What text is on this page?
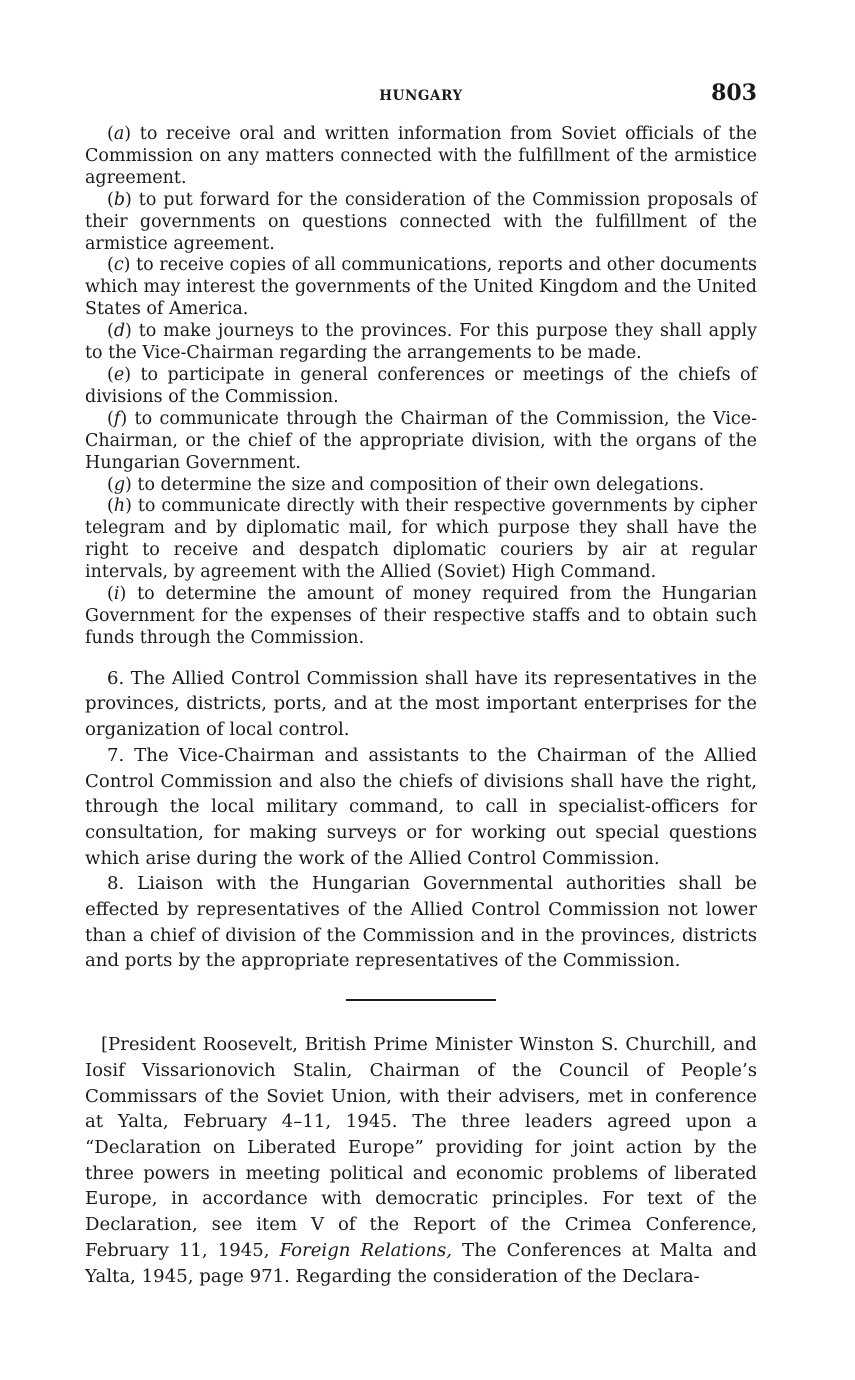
HUNGARY	803

(a) to receive oral and written information from Soviet officials of the Commission on any matters connected with the fulfillment of the armistice agreement.

(b) to put forward for the consideration of the Commission proposals of their governments on questions connected with the fulfillment of the armistice agreement.

(c) to receive copies of all communications, reports and other documents which may interest the governments of the United Kingdom and the United States of America.

(d) to make journeys to the provinces. For this purpose they shall apply to the Vice-Chairman regarding the arrangements to be made.

(e) to participate in general conferences or meetings of the chiefs of divisions of the Commission.

(f) to communicate through the Chairman of the Commission, the Vice-Chairman, or the chief of the appropriate division, with the organs of the Hungarian Government.

(g) to determine the size and composition of their own delegations.

(h) to communicate directly with their respective governments by cipher telegram and by diplomatic mail, for which purpose they shall have the right to receive and despatch diplomatic couriers by air at regular intervals, by agreement with the Allied (Soviet) High Command.

(i) to determine the amount of money required from the Hungarian Government for the expenses of their respective staffs and to obtain such funds through the Commission.

6. The Allied Control Commission shall have its representatives in the provinces, districts, ports, and at the most important enterprises for the organization of local control.

7. The Vice-Chairman and assistants to the Chairman of the Allied Control Commission and also the chiefs of divisions shall have the right, through the local military command, to call in specialist-officers for consultation, for making surveys or for working out special questions which arise during the work of the Allied Control Commission.

8. Liaison with the Hungarian Governmental authorities shall be effected by representatives of the Allied Control Commission not lower than a chief of division of the Commission and in the provinces, districts and ports by the appropriate representatives of the Commission.

[President Roosevelt, British Prime Minister Winston S. Churchill, and Iosif Vissarionovich Stalin, Chairman of the Council of People’s Commissars of the Soviet Union, with their advisers, met in conference at Yalta, February 4–11, 1945. The three leaders agreed upon a “Declaration on Liberated Europe” providing for joint action by the three powers in meeting political and economic problems of liberated Europe, in accordance with democratic principles. For text of the Declaration, see item V of the Report of the Crimea Conference, February 11, 1945, Foreign Relations, The Conferences at Malta and Yalta, 1945, page 971. Regarding the consideration of the Declara-
